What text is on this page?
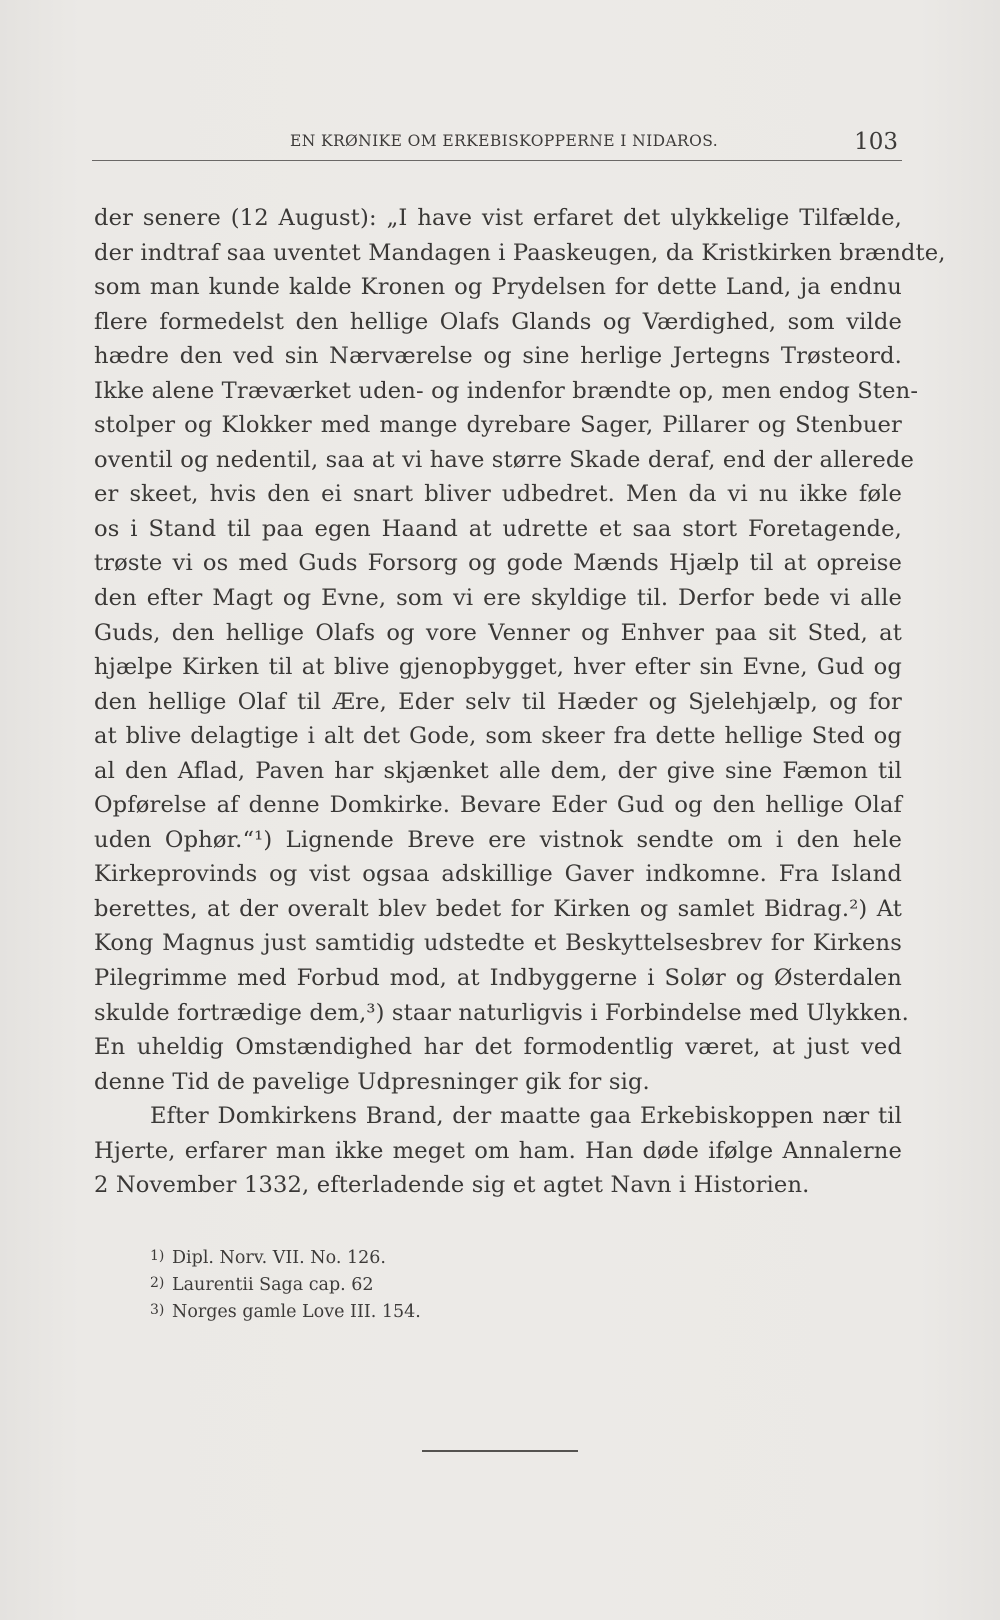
EN KRØNIKE OM ERKEBISKOPPERNE I NIDAROS.	103
der senere (12 August): „I have vist erfaret det ulykkelige Tilfælde,
der indtraf saa uventet Mandagen i Paaskeugen, da Kristkirken brændte,
som man kunde kalde Kronen og Prydelsen for dette Land, ja endnu
flere formedelst den hellige Olafs Glands og Værdighed, som vilde
hædre den ved sin Nærværelse og sine herlige Jertegns Trøsteord.
Ikke alene Træværket uden- og indenfor brændte op, men endog Sten-
stolper og Klokker med mange dyrebare Sager, Pillarer og Stenbuer
oventil og nedentil, saa at vi have større Skade deraf, end der allerede
er skeet, hvis den ei snart bliver udbedret. Men da vi nu ikke føle
os i Stand til paa egen Haand at udrette et saa stort Foretagende,
trøste vi os med Guds Forsorg og gode Mænds Hjælp til at opreise
den efter Magt og Evne, som vi ere skyldige til. Derfor bede vi alle
Guds, den hellige Olafs og vore Venner og Enhver paa sit Sted, at
hjælpe Kirken til at blive gjenopbygget, hver efter sin Evne, Gud og
den hellige Olaf til Ære, Eder selv til Hæder og Sjelehjælp, og for
at blive delagtige i alt det Gode, som skeer fra dette hellige Sted og
al den Aflad, Paven har skjænket alle dem, der give sine Fæmon til
Opførelse af denne Domkirke. Bevare Eder Gud og den hellige Olaf
uden Ophør.“¹) Lignende Breve ere vistnok sendte om i den hele
Kirkeprovinds og vist ogsaa adskillige Gaver indkomne. Fra Island
berettes, at der overalt blev bedet for Kirken og samlet Bidrag.²) At
Kong Magnus just samtidig udstedte et Beskyttelsesbrev for Kirkens
Pilegrimme med Forbud mod, at Indbyggerne i Solør og Østerdalen
skulde fortrædige dem,³) staar naturligvis i Forbindelse med Ulykken.
En uheldig Omstændighed har det formodentlig været, at just ved
denne Tid de pavelige Udpresninger gik for sig.
Efter Domkirkens Brand, der maatte gaa Erkebiskoppen nær til
Hjerte, erfarer man ikke meget om ham. Han døde ifølge Annalerne
2 November 1332, efterladende sig et agtet Navn i Historien.
1) Dipl. Norv. VII. No. 126.
2) Laurentii Saga cap. 62
3) Norges gamle Love III. 154.
